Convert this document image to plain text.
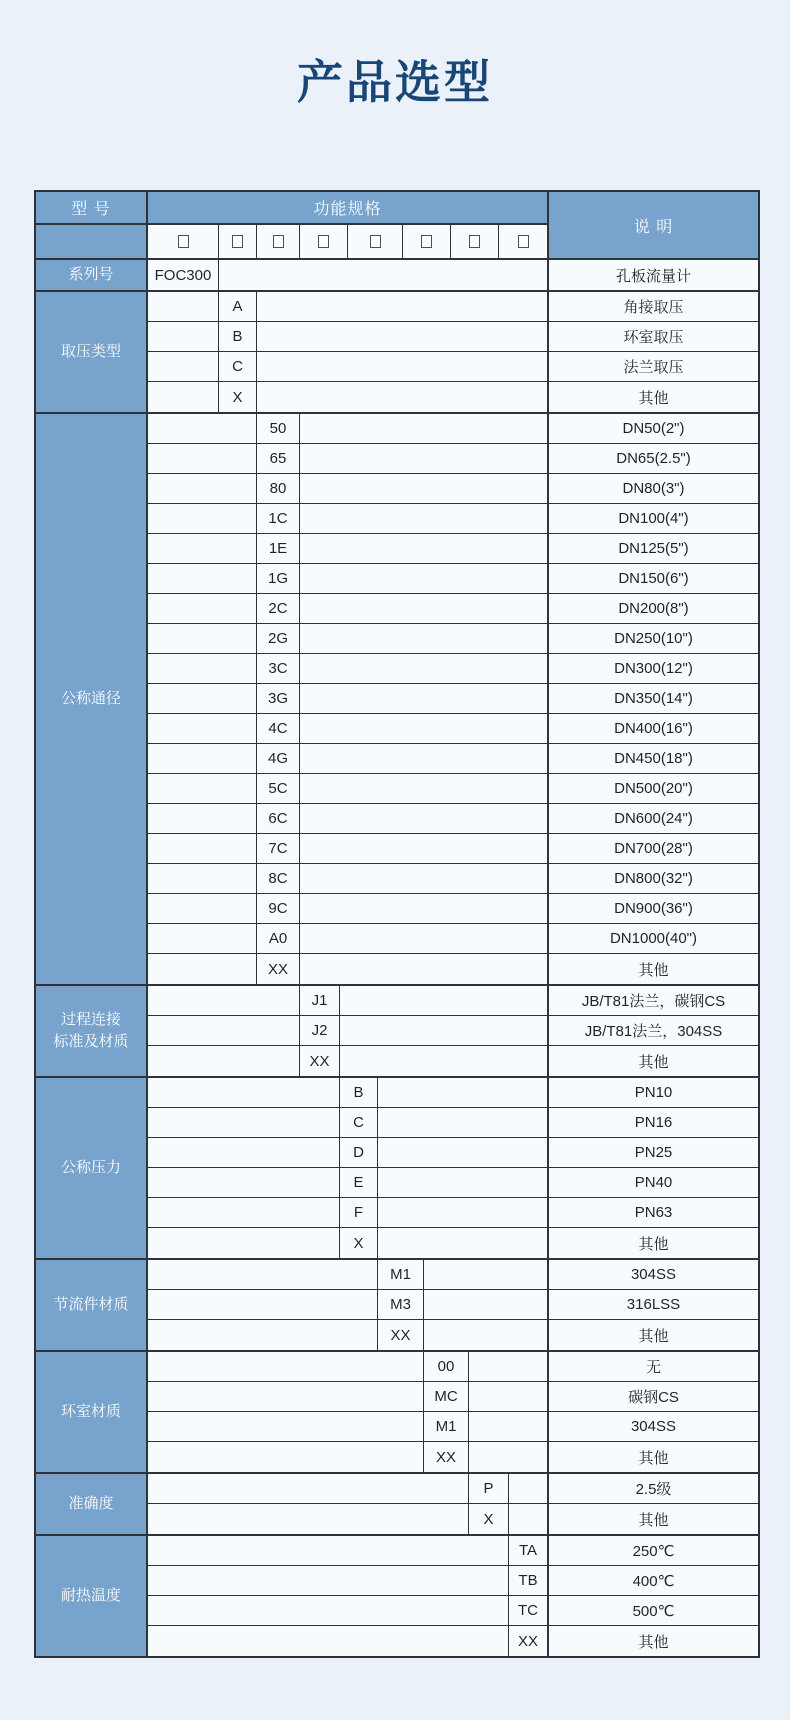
产品选型
型 号	功能规格
说 明
系列号	FOC300	孔板流量计
取压类型
A	角接取压
B	环室取压
C	法兰取压
X	其他
公称通径
50	DN50(2")
65	DN65(2.5")
80	DN80(3")
1C	DN100(4")
1E	DN125(5")
1G	DN150(6")
2C	DN200(8")
2G	DN250(10")
3C	DN300(12")
3G	DN350(14")
4C	DN400(16")
4G	DN450(18")
5C	DN500(20")
6C	DN600(24")
7C	DN700(28")
8C	DN800(32")
9C	DN900(36")
A0	DN1000(40")
XX	其他
过程连接
标准及材质
J1	JB/T81法兰，碳钢CS
J2	JB/T81法兰，304SS
XX	其他
公称压力
B	PN10
C	PN16
D	PN25
E	PN40
F	PN63
X	其他
节流件材质
M1	304SS
M3	316LSS
XX	其他
环室材质
00	无
MC	碳钢CS
M1	304SS
XX	其他
准确度
P	2.5级
X	其他
耐热温度
TA	250℃
TB	400℃
TC	500℃
XX	其他
